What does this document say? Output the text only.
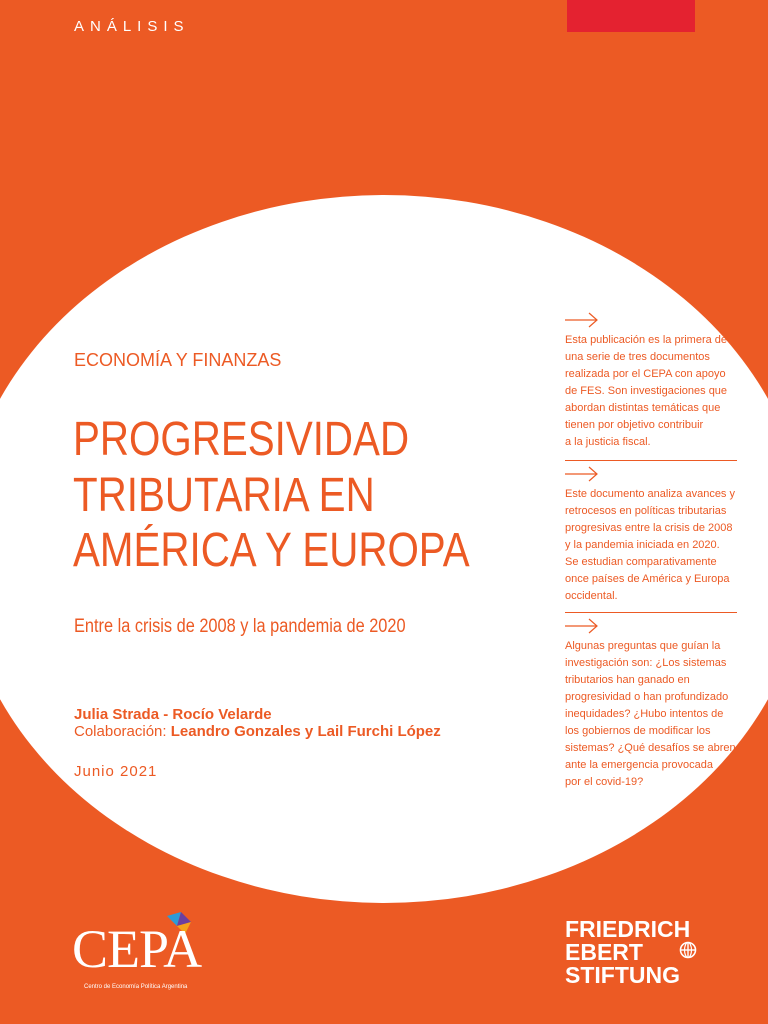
ANÁLISIS
ECONOMÍA Y FINANZAS
PROGRESIVIDAD
TRIBUTARIA EN
AMÉRICA Y EUROPA
Entre la crisis de 2008 y la pandemia de 2020
Julia Strada - Rocío Velarde
Colaboración: Leandro Gonzales y Lail Furchi López
Junio 2021

Esta publicación es la primera de
una serie de tres documentos
realizada por el CEPA con apoyo
de FES. Son investigaciones que
abordan distintas temáticas que
tienen por objetivo contribuir
a la justicia fiscal.

Este documento analiza avances y
retrocesos en políticas tributarias
progresivas entre la crisis de 2008
y la pandemia iniciada en 2020.
Se estudian comparativamente
once países de América y Europa
occidental.

Algunas preguntas que guían la
investigación son: ¿Los sistemas
tributarios han ganado en
progresividad o han profundizado
inequidades? ¿Hubo intentos de
los gobiernos de modificar los
sistemas? ¿Qué desafíos se abren
ante la emergencia provocada
por el covid-19?

CEPA
Centro de Economía Política Argentina
FRIEDRICH
EBERT
STIFTUNG
